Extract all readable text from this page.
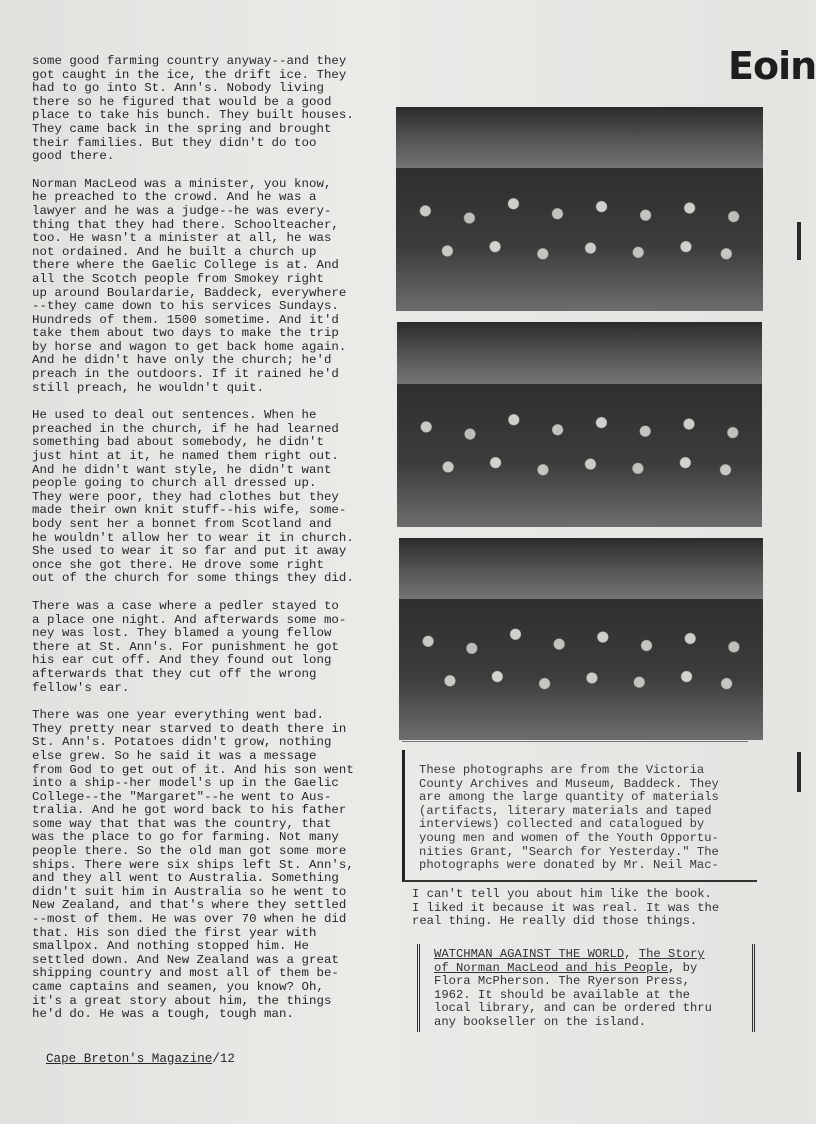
Eoin

some good farming country anyway--and they
got caught in the ice, the drift ice. They
had to go into St. Ann's. Nobody living
there so he figured that would be a good
place to take his bunch. They built houses.
They came back in the spring and brought
their families. But they didn't do too
good there.

Norman MacLeod was a minister, you know,
he preached to the crowd. And he was a
lawyer and he was a judge--he was every-
thing that they had there. Schoolteacher,
too. He wasn't a minister at all, he was
not ordained. And he built a church up
there where the Gaelic College is at. And
all the Scotch people from Smokey right
up around Boulardarie, Baddeck, everywhere
--they came down to his services Sundays.
Hundreds of them. 1500 sometime. And it'd
take them about two days to make the trip
by horse and wagon to get back home again.
And he didn't have only the church; he'd
preach in the outdoors. If it rained he'd
still preach, he wouldn't quit.

He used to deal out sentences. When he
preached in the church, if he had learned
something bad about somebody, he didn't
just hint at it, he named them right out.
And he didn't want style, he didn't want
people going to church all dressed up.
They were poor, they had clothes but they
made their own knit stuff--his wife, some-
body sent her a bonnet from Scotland and
he wouldn't allow her to wear it in church.
She used to wear it so far and put it away
once she got there. He drove some right
out of the church for some things they did.

There was a case where a pedler stayed to
a place one night. And afterwards some mo-
ney was lost. They blamed a young fellow
there at St. Ann's. For punishment he got
his ear cut off. And they found out long
afterwards that they cut off the wrong
fellow's ear.

There was one year everything went bad.
They pretty near starved to death there in
St. Ann's. Potatoes didn't grow, nothing
else grew. So he said it was a message
from God to get out of it. And his son went
into a ship--her model's up in the Gaelic
College--the "Margaret"--he went to Aus-
tralia. And he got word back to his father
some way that that was the country, that
was the place to go for farming. Not many
people there. So the old man got some more
ships. There were six ships left St. Ann's,
and they all went to Australia. Something
didn't suit him in Australia so he went to
New Zealand, and that's where they settled
--most of them. He was over 70 when he did
that. His son died the first year with
smallpox. And nothing stopped him. He
settled down. And New Zealand was a great
shipping country and most all of them be-
came captains and seamen, you know? Oh,
it's a great story about him, the things
he'd do. He was a tough, tough man.

These photographs are from the Victoria
County Archives and Museum, Baddeck. They
are among the large quantity of materials
(artifacts, literary materials and taped
interviews) collected and catalogued by
young men and women of the Youth Opportu-
nities Grant, "Search for Yesterday." The
photographs were donated by Mr. Neil Mac-
I can't tell you about him like the book.
I liked it because it was real. It was the
real thing. He really did those things.
WATCHMAN AGAINST THE WORLD, The Story
of Norman MacLeod and his People, by
Flora McPherson. The Ryerson Press,
1962. It should be available at the
local library, and can be ordered thru
any bookseller on the island.
Cape Breton's Magazine/12
